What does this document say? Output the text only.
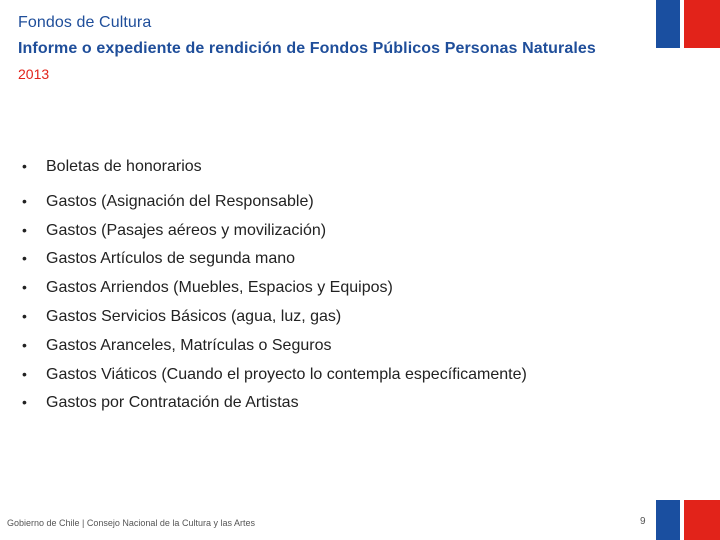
Fondos de Cultura
Informe o expediente de rendición de Fondos Públicos Personas Naturales
2013
•	Boletas de honorarios
•	Gastos (Asignación del Responsable)
•	Gastos (Pasajes aéreos y movilización)
•	Gastos Artículos de segunda mano
•	Gastos Arriendos (Muebles, Espacios y Equipos)
•	Gastos Servicios Básicos (agua, luz, gas)
•	Gastos Aranceles, Matrículas o Seguros
•	Gastos Viáticos (Cuando el proyecto lo contempla específicamente)
•	Gastos por Contratación de Artistas
Gobierno de Chile | Consejo Nacional de la Cultura y las Artes	9
